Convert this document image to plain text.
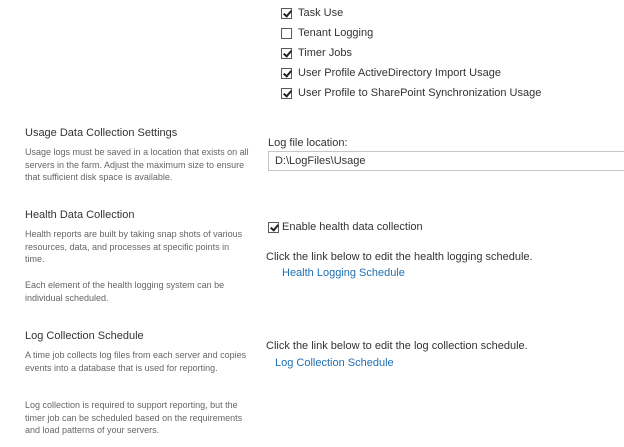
Task Use
Tenant Logging
Timer Jobs
User Profile ActiveDirectory Import Usage
User Profile to SharePoint Synchronization Usage
Usage Data Collection Settings
Usage logs must be saved in a location that exists on all servers in the farm. Adjust the maximum size to ensure that sufficient disk space is available.
Log file location:
D:\LogFiles\Usage
Health Data Collection
Health reports are built by taking snap shots of various resources, data, and processes at specific points in time.
Each element of the health logging system can be individual scheduled.
Enable health data collection
Click the link below to edit the health logging schedule.
Health Logging Schedule
Log Collection Schedule
A time job collects log files from each server and copies events into a database that is used for reporting.
Log collection is required to support reporting, but the timer job can be scheduled based on the requirements and load patterns of your servers.
Click the link below to edit the log collection schedule.
Log Collection Schedule
